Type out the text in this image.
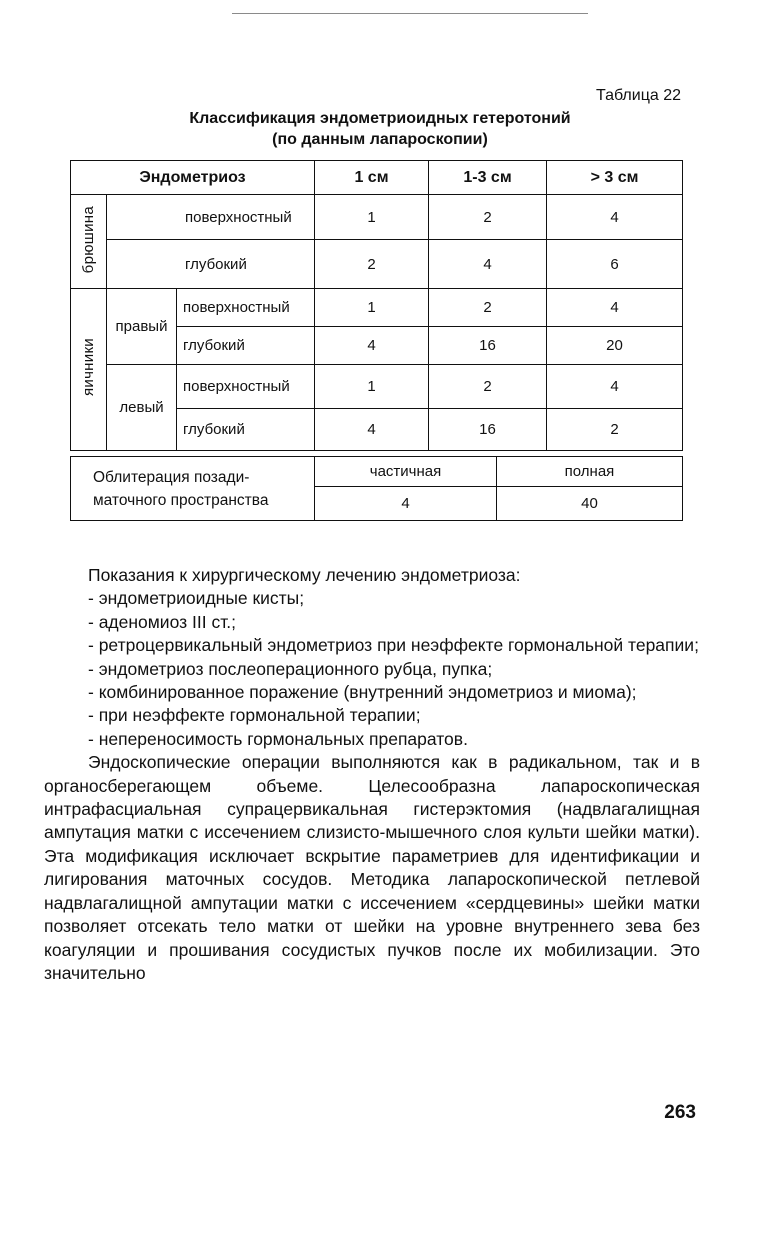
Таблица 22
Классификация эндометриоидных гетеротоний
(по данным лапароскопии)
Эндометриоз			1 см	1-3 см	> 3 см
брюшина	поверхностный		1	2	4
	глубокий		2	4	6
яичники	правый	поверхностный	1	2	4
		глубокий	4	16	20
	левый	поверхностный	1	2	4
		глубокий	4	16	2
Облитерация позади-
маточного пространства	частичная	полная
	4	40

Показания к хирургическому лечению эндометриоза:

- эндометриоидные кисты;

- аденомиоз III ст.;

- ретроцервикальный эндометриоз при неэффекте гормональной терапии;

- эндометриоз послеоперационного рубца, пупка;

- комбинированное поражение (внутренний эндометриоз и миома);

- при неэффекте гормональной терапии;

- непереносимость гормональных препаратов.

Эндоскопические операции выполняются как в радикальном, так и в органосберегающем объеме. Целесообразна лапароскопическая интрафасциальная супрацервикальная гистерэктомия (надвлагалищная ампутация матки с иссечением слизисто-мышечного слоя культи шейки матки). Эта модификация исключает вскрытие параметриев для идентификации и лигирования маточных сосудов. Методика лапароскопической петлевой надвлагалищной ампутации матки с иссечением «сердцевины» шейки матки позволяет отсекать тело матки от шейки на уровне внутреннего зева без коагуляции и прошивания сосудистых пучков после их мобилизации. Это значительно

263
